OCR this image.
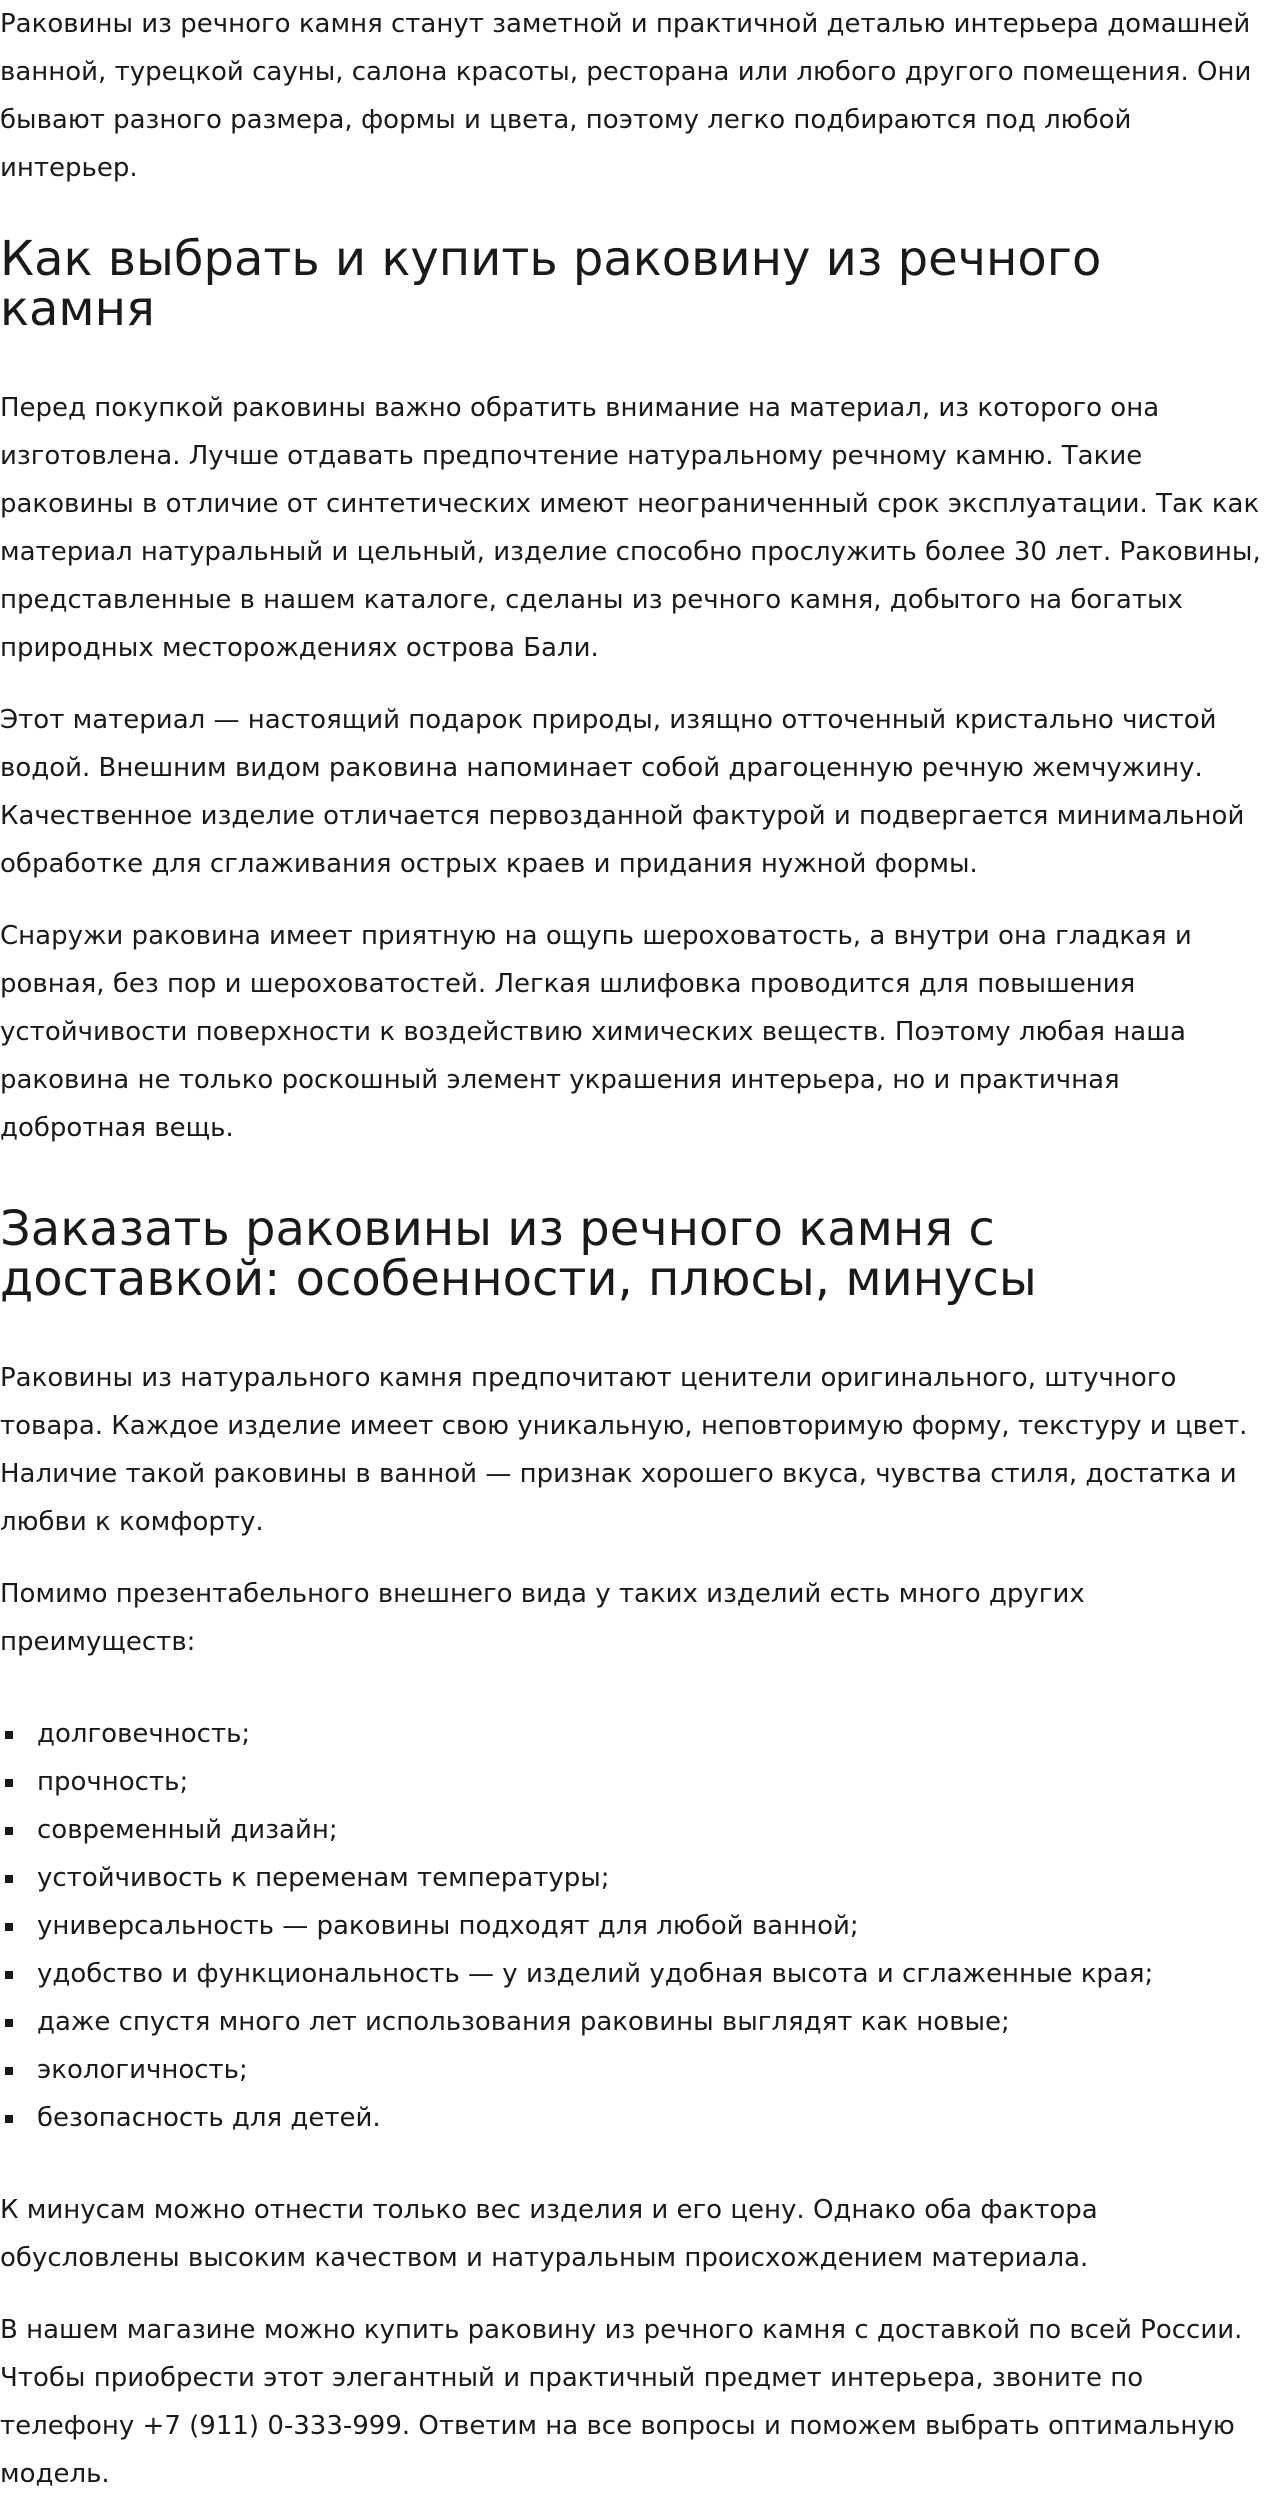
Раковины из речного камня станут заметной и практичной деталью интерьера домашней ванной, турецкой сауны, салона красоты, ресторана или любого другого помещения. Они бывают разного размера, формы и цвета, поэтому легко подбираются под любой интерьер.

Как выбрать и купить раковину из речного камня

Перед покупкой раковины важно обратить внимание на материал, из которого она изготовлена. Лучше отдавать предпочтение натуральному речному камню. Такие раковины в отличие от синтетических имеют неограниченный срок эксплуатации. Так как материал натуральный и цельный, изделие способно прослужить более 30 лет. Раковины, представленные в нашем каталоге, сделаны из речного камня, добытого на богатых природных месторождениях острова Бали.

Этот материал — настоящий подарок природы, изящно отточенный кристально чистой водой. Внешним видом раковина напоминает собой драгоценную речную жемчужину. Качественное изделие отличается первозданной фактурой и подвергается минимальной обработке для сглаживания острых краев и придания нужной формы.

Снаружи раковина имеет приятную на ощупь шероховатость, а внутри она гладкая и ровная, без пор и шероховатостей. Легкая шлифовка проводится для повышения устойчивости поверхности к воздействию химических веществ. Поэтому любая наша раковина не только роскошный элемент украшения интерьера, но и практичная добротная вещь.

Заказать раковины из речного камня с доставкой: особенности, плюсы, минусы

Раковины из натурального камня предпочитают ценители оригинального, штучного товара. Каждое изделие имеет свою уникальную, неповторимую форму, текстуру и цвет. Наличие такой раковины в ванной — признак хорошего вкуса, чувства стиля, достатка и любви к комфорту.

Помимо презентабельного внешнего вида у таких изделий есть много других преимуществ:

долговечность;
прочность;
современный дизайн;
устойчивость к переменам температуры;
универсальность — раковины подходят для любой ванной;
удобство и функциональность — у изделий удобная высота и сглаженные края;
даже спустя много лет использования раковины выглядят как новые;
экологичность;
безопасность для детей.

К минусам можно отнести только вес изделия и его цену. Однако оба фактора обусловлены высоким качеством и натуральным происхождением материала.

В нашем магазине можно купить раковину из речного камня с доставкой по всей России. Чтобы приобрести этот элегантный и практичный предмет интерьера, звоните по телефону +7 (911) 0-333-999. Ответим на все вопросы и поможем выбрать оптимальную модель.
